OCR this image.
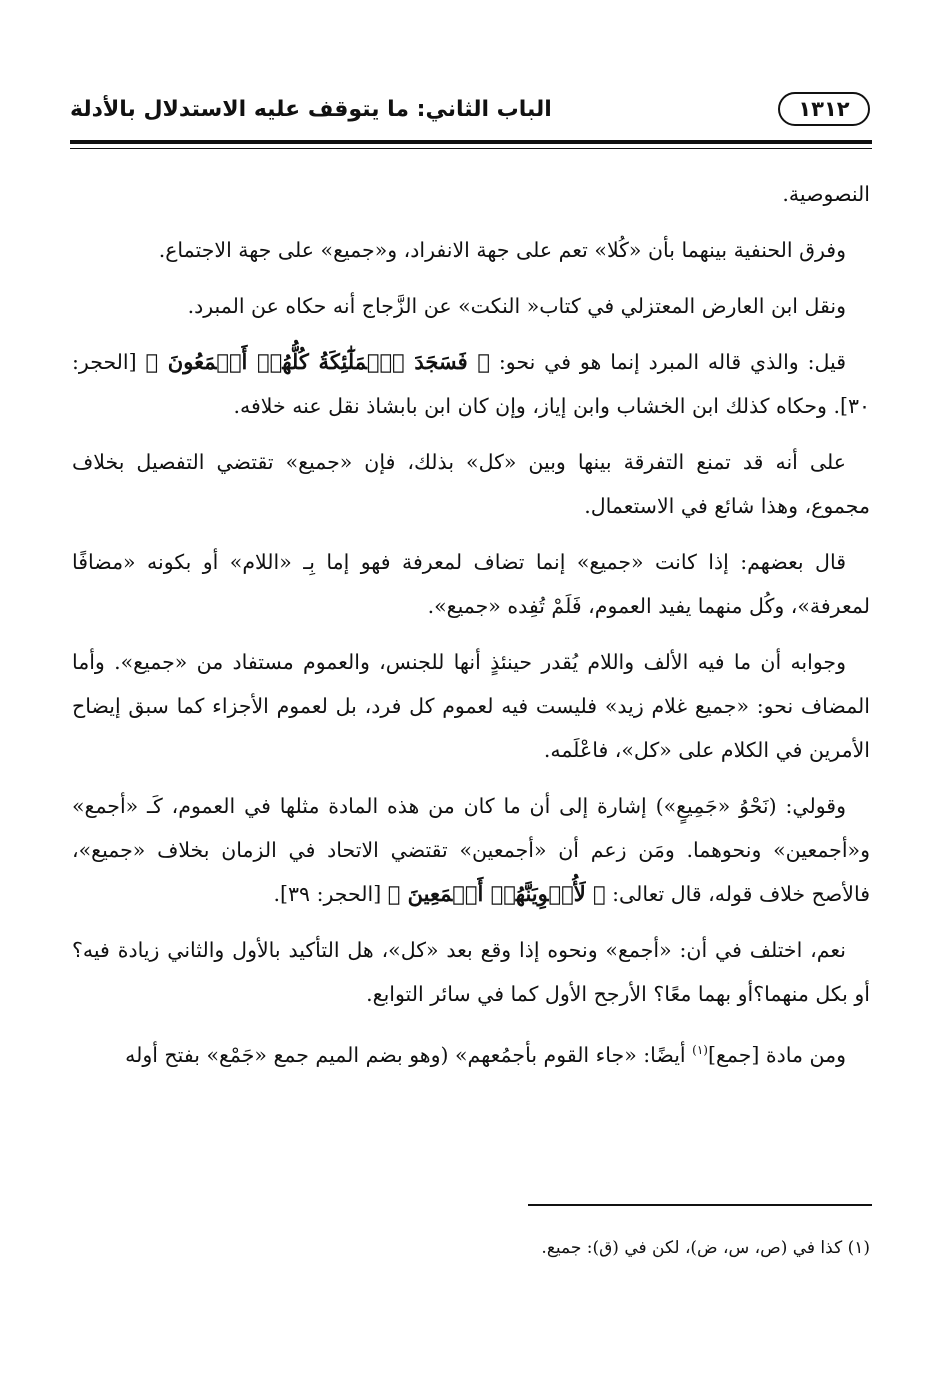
١٣١٢
الباب الثاني: ما يتوقف عليه الاستدلال بالأدلة

النصوصية.

وفرق الحنفية بينهما بأن «كُلا» تعم على جهة الانفراد، و«جميع» على جهة الاجتماع.

ونقل ابن العارض المعتزلي في كتاب« النكت» عن الزَّجاج أنه حكاه عن المبرد.

قيل: والذي قاله المبرد إنما هو في نحو: ﴿ فَسَجَدَ ٱلۡمَلَٰٓئِكَةُ كُلُّهُمۡ أَجۡمَعُونَ ﴾ [الحجر: ٣٠]. وحكاه كذلك ابن الخشاب وابن إياز، وإن كان ابن بابشاذ نقل عنه خلافه.

على أنه قد تمنع التفرقة بينها وبين «كل» بذلك، فإن «جميع» تقتضي التفصيل بخلاف مجموع، وهذا شائع في الاستعمال.

قال بعضهم: إذا كانت «جميع» إنما تضاف لمعرفة فهو إما بِـ «اللام» أو بكونه «مضافًا لمعرفة»، وكُل منهما يفيد العموم، فَلَمْ تُفِده «جميع».

وجوابه أن ما فيه الألف واللام يُقدر حينئذٍ أنها للجنس، والعموم مستفاد من «جميع». وأما المضاف نحو: «جميع غلام زيد» فليست فيه لعموم كل فرد، بل لعموم الأجزاء كما سبق إيضاح الأمرين في الكلام على «كل»، فاعْلَمه.

وقولي: (نَحْوُ «جَمِيعٍ») إشارة إلى أن ما كان من هذه المادة مثلها في العموم، كَـ «أجمع» و«أجمعين» ونحوهما. ومَن زعم أن «أجمعين» تقتضي الاتحاد في الزمان بخلاف «جميع»، فالأصح خلاف قوله، قال تعالى: ﴿ لَأُغۡوِيَنَّهُمۡ أَجۡمَعِينَ ﴾ [الحجر: ٣٩].

نعم، اختلف في أن: «أجمع» ونحوه إذا وقع بعد «كل»، هل التأكيد بالأول والثاني زيادة فيه؟ أو بكل منهما؟أو بهما معًا؟ الأرجح الأول كما في سائر التوابع.

ومن مادة [جمع]$^{(١)}$ أيضًا: «جاء القوم بأجمُعهم» (وهو بضم الميم جمع «جَمْع» بفتح أوله

(١) كذا في (ص، س، ض)، لكن في (ق): جميع.
